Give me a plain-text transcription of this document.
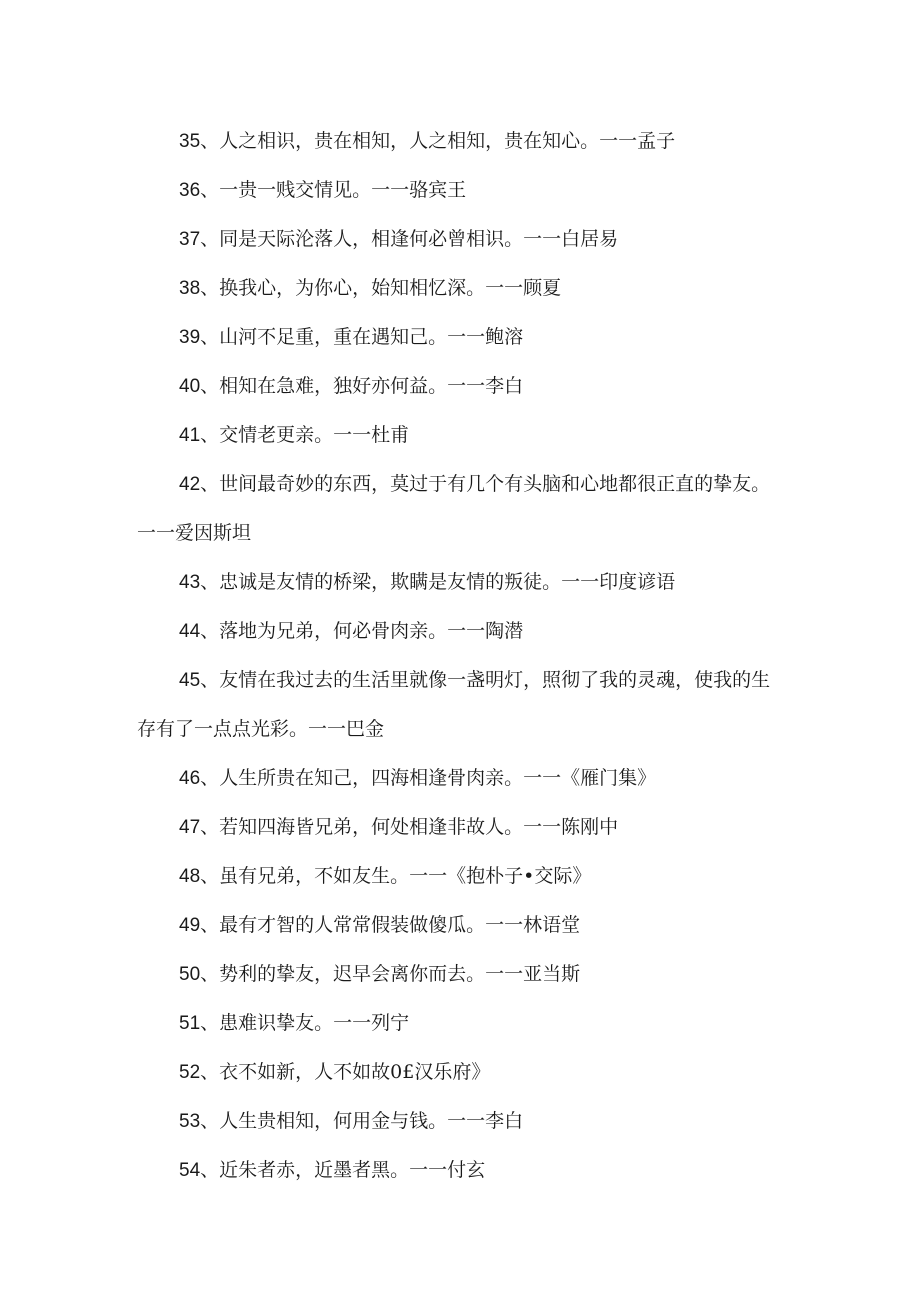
35、人之相识，贵在相知，人之相知，贵在知心。一一孟子

36、一贵一贱交情见。一一骆宾王

37、同是天际沦落人，相逢何必曾相识。一一白居易

38、换我心，为你心，始知相忆深。一一顾夏

39、山河不足重，重在遇知己。一一鲍溶

40、相知在急难，独好亦何益。一一李白

41、交情老更亲。一一杜甫

42、世间最奇妙的东西，莫过于有几个有头脑和心地都很正直的挚友。一一爱因斯坦

43、忠诚是友情的桥梁，欺瞒是友情的叛徒。一一印度谚语

44、落地为兄弟，何必骨肉亲。一一陶潜

45、友情在我过去的生活里就像一盏明灯，照彻了我的灵魂，使我的生存有了一点点光彩。一一巴金

46、人生所贵在知己，四海相逢骨肉亲。一一《雁门集》

47、若知四海皆兄弟，何处相逢非故人。一一陈刚中

48、虽有兄弟，不如友生。一一《抱朴子•交际》

49、最有才智的人常常假装做傻瓜。一一林语堂

50、势利的挚友，迟早会离你而去。一一亚当斯

51、患难识挚友。一一列宁

52、衣不如新，人不如故0£汉乐府》

53、人生贵相知，何用金与钱。一一李白

54、近朱者赤，近墨者黑。一一付玄
